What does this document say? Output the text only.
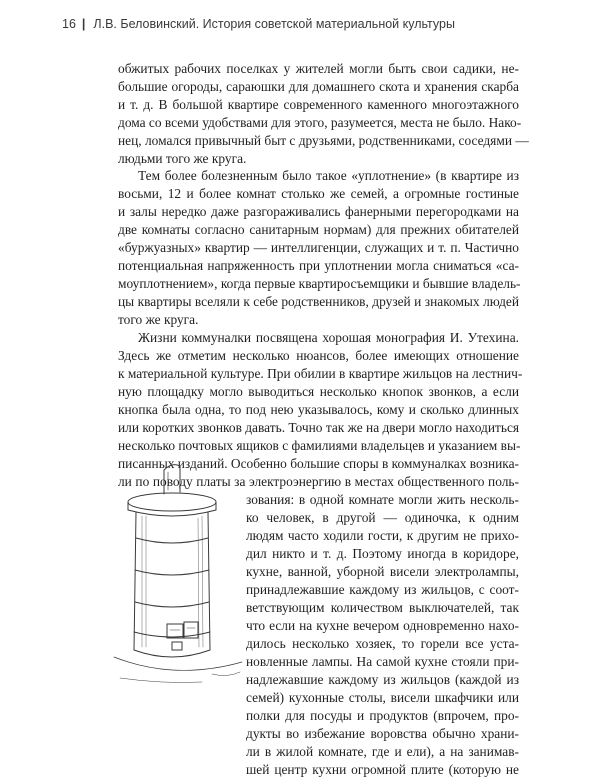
16 | Л.В. Беловинский. История советской материальной культуры
обжитых рабочих поселках у жителей могли быть свои садики, не-
большие огороды, сараюшки для домашнего скота и хранения скарба
и т. д. В большой квартире современного каменного многоэтажного
дома со всеми удобствами для этого, разумеется, места не было. Нако-
нец, ломался привычный быт с друзьями, родственниками, соседями —
людьми того же круга.
Тем более болезненным было такое «уплотнение» (в квартире из
восьми, 12 и более комнат столько же семей, а огромные гостиные
и залы нередко даже разгораживались фанерными перегородками на
две комнаты согласно санитарным нормам) для прежних обитателей
«буржуазных» квартир — интеллигенции, служащих и т. п. Частично
потенциальная напряженность при уплотнении могла сниматься «са-
моуплотнением», когда первые квартиросъемщики и бывшие владель-
цы квартиры вселяли к себе родственников, друзей и знакомых людей
того же круга.
Жизни коммуналки посвящена хорошая монография И. Утехина.
Здесь же отметим несколько нюансов, более имеющих отношение
к материальной культуре. При обилии в квартире жильцов на лестнич-
ную площадку могло выводиться несколько кнопок звонков, а если
кнопка была одна, то под нею указывалось, кому и сколько длинных
или коротких звонков давать. Точно так же на двери могло находиться
несколько почтовых ящиков с фамилиями владельцев и указанием вы-
писанных изданий. Особенно большие споры в коммуналках возника-
ли по поводу платы за электроэнергию в местах общественного поль-
зования: в одной комнате могли жить несколь-
ко человек, в другой — одиночка, к одним
людям часто ходили гости, к другим не прихо-
дил никто и т. д. Поэтому иногда в коридоре,
кухне, ванной, уборной висели электролампы,
принадлежавшие каждому из жильцов, с соот-
ветствующим количеством выключателей, так
что если на кухне вечером одновременно нахо-
дилось несколько хозяек, то горели все уста-
новленные лампы. На самой кухне стояли при-
надлежавшие каждому из жильцов (каждой из
семей) кухонные столы, висели шкафчики или
полки для посуды и продуктов (впрочем, про-
дукты во избежание воровства обычно храни-
ли в жилой комнате, где и ели), а на занимав-
шей центр кухни огромной плите (которую не
